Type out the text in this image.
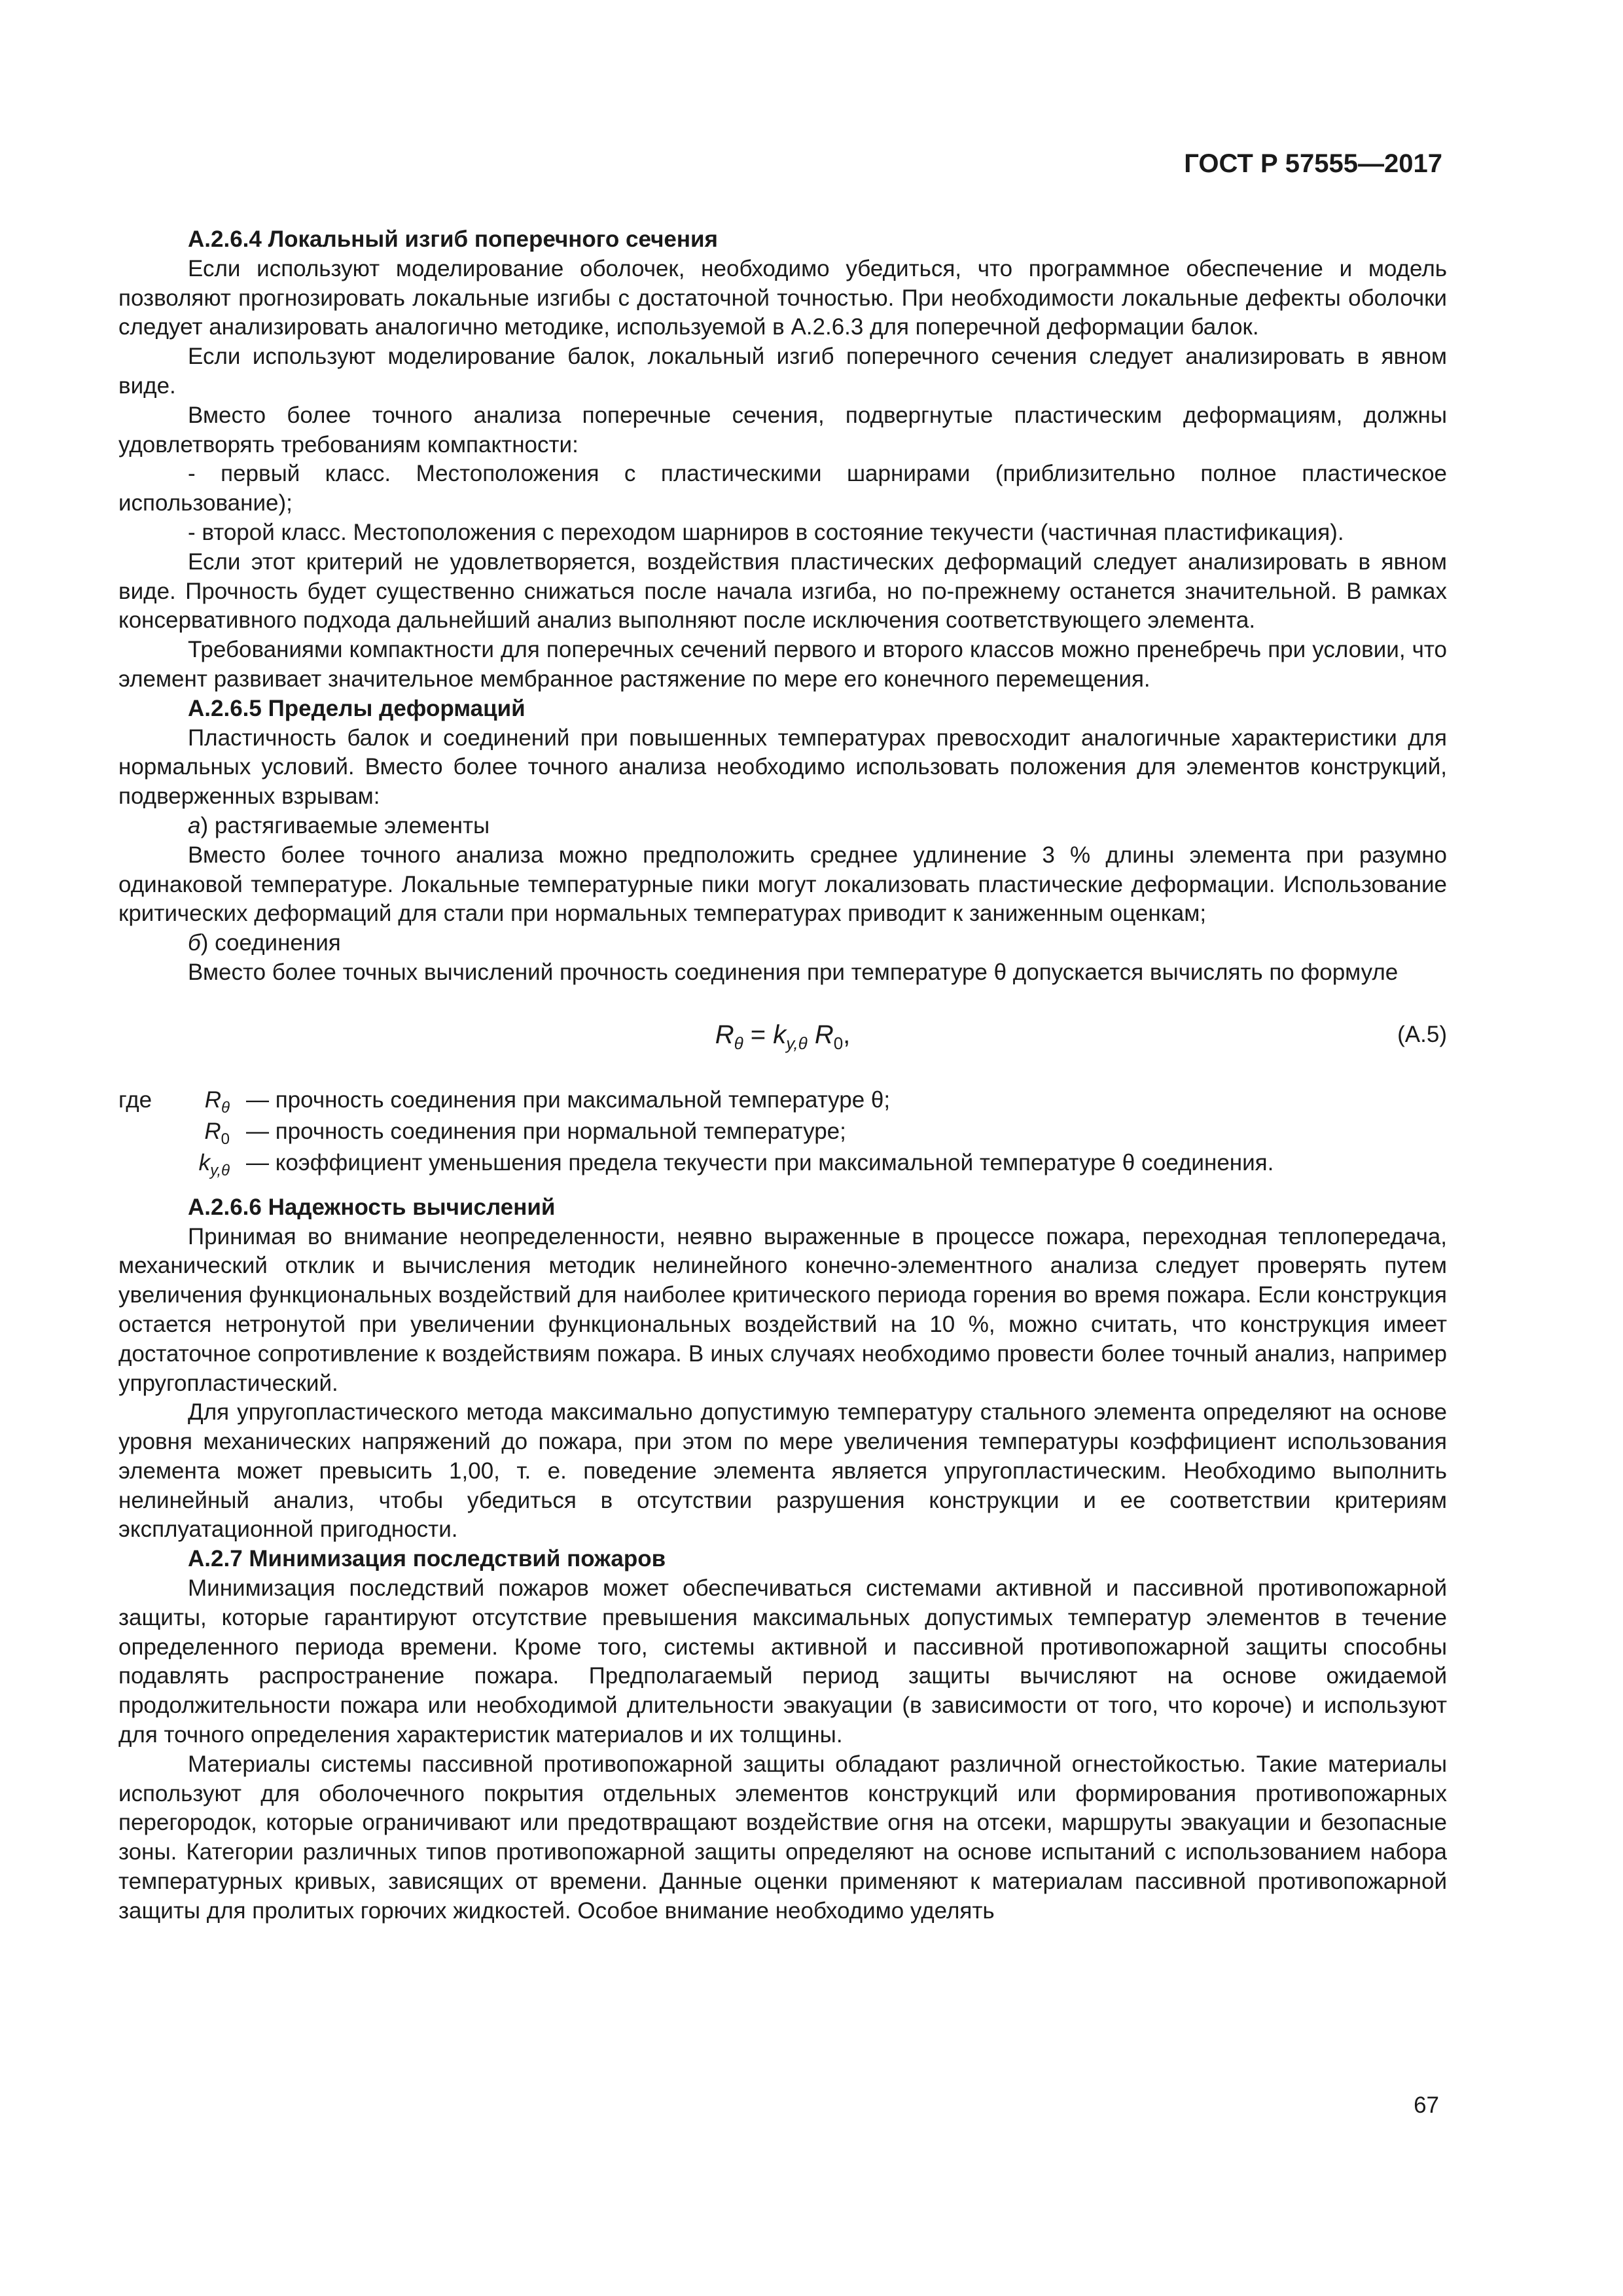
ГОСТ Р 57555—2017
А.2.6.4 Локальный изгиб поперечного сечения

Если используют моделирование оболочек, необходимо убедиться, что программное обеспечение и модель позволяют прогнозировать локальные изгибы с достаточной точностью. При необходимости локальные дефекты оболочки следует анализировать аналогично методике, используемой в А.2.6.3 для поперечной деформации балок.

Если используют моделирование балок, локальный изгиб поперечного сечения следует анализировать в явном виде.

Вместо более точного анализа поперечные сечения, подвергнутые пластическим деформациям, должны удовлетворять требованиям компактности:

- первый класс. Местоположения с пластическими шарнирами (приблизительно полное пластическое использование);

- второй класс. Местоположения с переходом шарниров в состояние текучести (частичная пластификация).

Если этот критерий не удовлетворяется, воздействия пластических деформаций следует анализировать в явном виде. Прочность будет существенно снижаться после начала изгиба, но по-прежнему останется значительной. В рамках консервативного подхода дальнейший анализ выполняют после исключения соответствующего элемента.

Требованиями компактности для поперечных сечений первого и второго классов можно пренебречь при условии, что элемент развивает значительное мембранное растяжение по мере его конечного перемещения.

А.2.6.5 Пределы деформаций

Пластичность балок и соединений при повышенных температурах превосходит аналогичные характеристики для нормальных условий. Вместо более точного анализа необходимо использовать положения для элементов конструкций, подверженных взрывам:

а) растягиваемые элементы

Вместо более точного анализа можно предположить среднее удлинение 3 % длины элемента при разумно одинаковой температуре. Локальные температурные пики могут локализовать пластические деформации. Использование критических деформаций для стали при нормальных температурах приводит к заниженным оценкам;

б) соединения

Вместо более точных вычислений прочность соединения при температуре θ допускается вычислять по формуле

$R_\theta = k_{y,\theta}$ $R_0$,	(А.5)
где	$R_\theta$ — прочность соединения при максимальной температуре θ;
$R_0$ — прочность соединения при нормальной температуре;
$k_{y,\theta}$ — коэффициент уменьшения предела текучести при максимальной температуре θ соединения.
А.2.6.6 Надежность вычислений

Принимая во внимание неопределенности, неявно выраженные в процессе пожара, переходная теплопередача, механический отклик и вычисления методик нелинейного конечно-элементного анализа следует проверять путем увеличения функциональных воздействий для наиболее критического периода горения во время пожара. Если конструкция остается нетронутой при увеличении функциональных воздействий на 10 %, можно считать, что конструкция имеет достаточное сопротивление к воздействиям пожара. В иных случаях необходимо провести более точный анализ, например упругопластический.

Для упругопластического метода максимально допустимую температуру стального элемента определяют на основе уровня механических напряжений до пожара, при этом по мере увеличения температуры коэффициент использования элемента может превысить 1,00, т. е. поведение элемента является упругопластическим. Необходимо выполнить нелинейный анализ, чтобы убедиться в отсутствии разрушения конструкции и ее соответствии критериям эксплуатационной пригодности.

А.2.7 Минимизация последствий пожаров

Минимизация последствий пожаров может обеспечиваться системами активной и пассивной противопожарной защиты, которые гарантируют отсутствие превышения максимальных допустимых температур элементов в течение определенного периода времени. Кроме того, системы активной и пассивной противопожарной защиты способны подавлять распространение пожара. Предполагаемый период защиты вычисляют на основе ожидаемой продолжительности пожара или необходимой длительности эвакуации (в зависимости от того, что короче) и используют для точного определения характеристик материалов и их толщины.

Материалы системы пассивной противопожарной защиты обладают различной огнестойкостью. Такие материалы используют для оболочечного покрытия отдельных элементов конструкций или формирования противопожарных перегородок, которые ограничивают или предотвращают воздействие огня на отсеки, маршруты эвакуации и безопасные зоны. Категории различных типов противопожарной защиты определяют на основе испытаний с использованием набора температурных кривых, зависящих от времени. Данные оценки применяют к материалам пассивной противопожарной защиты для пролитых горючих жидкостей. Особое внимание необходимо уделять

67
